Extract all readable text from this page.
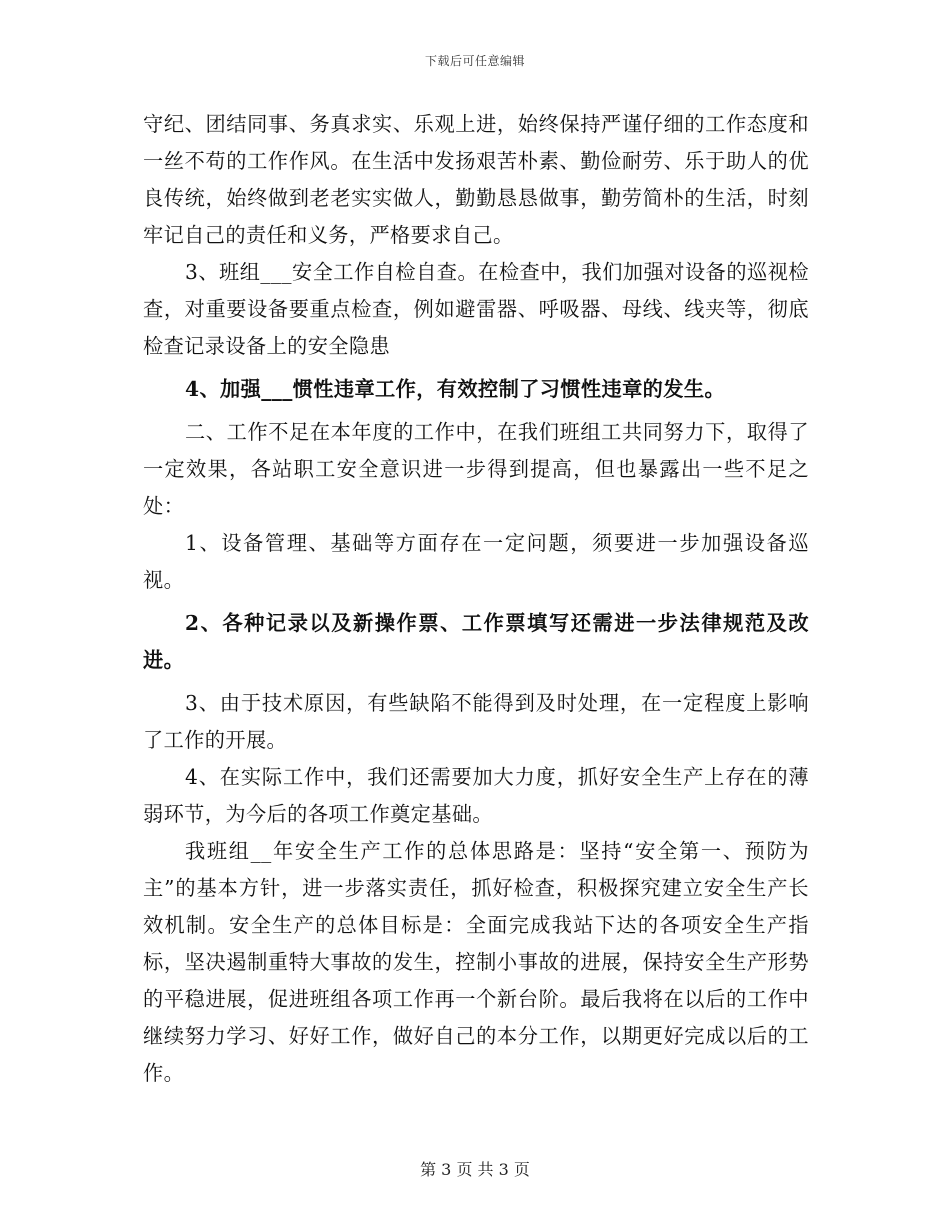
下载后可任意编辑

守纪、团结同事、务真求实、乐观上进，始终保持严谨仔细的工作态度和一丝不苟的工作作风。在生活中发扬艰苦朴素、勤俭耐劳、乐于助人的优良传统，始终做到老老实实做人，勤勤恳恳做事，勤劳简朴的生活，时刻牢记自己的责任和义务，严格要求自己。

3、班组___安全工作自检自查。在检查中，我们加强对设备的巡视检查，对重要设备要重点检查，例如避雷器、呼吸器、母线、线夹等，彻底检查记录设备上的安全隐患

4、加强___惯性违章工作，有效控制了习惯性违章的发生。

二、工作不足在本年度的工作中，在我们班组工共同努力下，取得了一定效果，各站职工安全意识进一步得到提高，但也暴露出一些不足之处：

1、设备管理、基础等方面存在一定问题，须要进一步加强设备巡视。

2、各种记录以及新操作票、工作票填写还需进一步法律规范及改进。

3、由于技术原因，有些缺陷不能得到及时处理，在一定程度上影响了工作的开展。

4、在实际工作中，我们还需要加大力度，抓好安全生产上存在的薄弱环节，为今后的各项工作奠定基础。

我班组__年安全生产工作的总体思路是：坚持“安全第一、预防为主”的基本方针，进一步落实责任，抓好检查，积极探究建立安全生产长效机制。安全生产的总体目标是：全面完成我站下达的各项安全生产指标，坚决遏制重特大事故的发生，控制小事故的进展，保持安全生产形势的平稳进展，促进班组各项工作再一个新台阶。最后我将在以后的工作中继续努力学习、好好工作，做好自己的本分工作，以期更好完成以后的工作。

第 3 页 共 3 页
